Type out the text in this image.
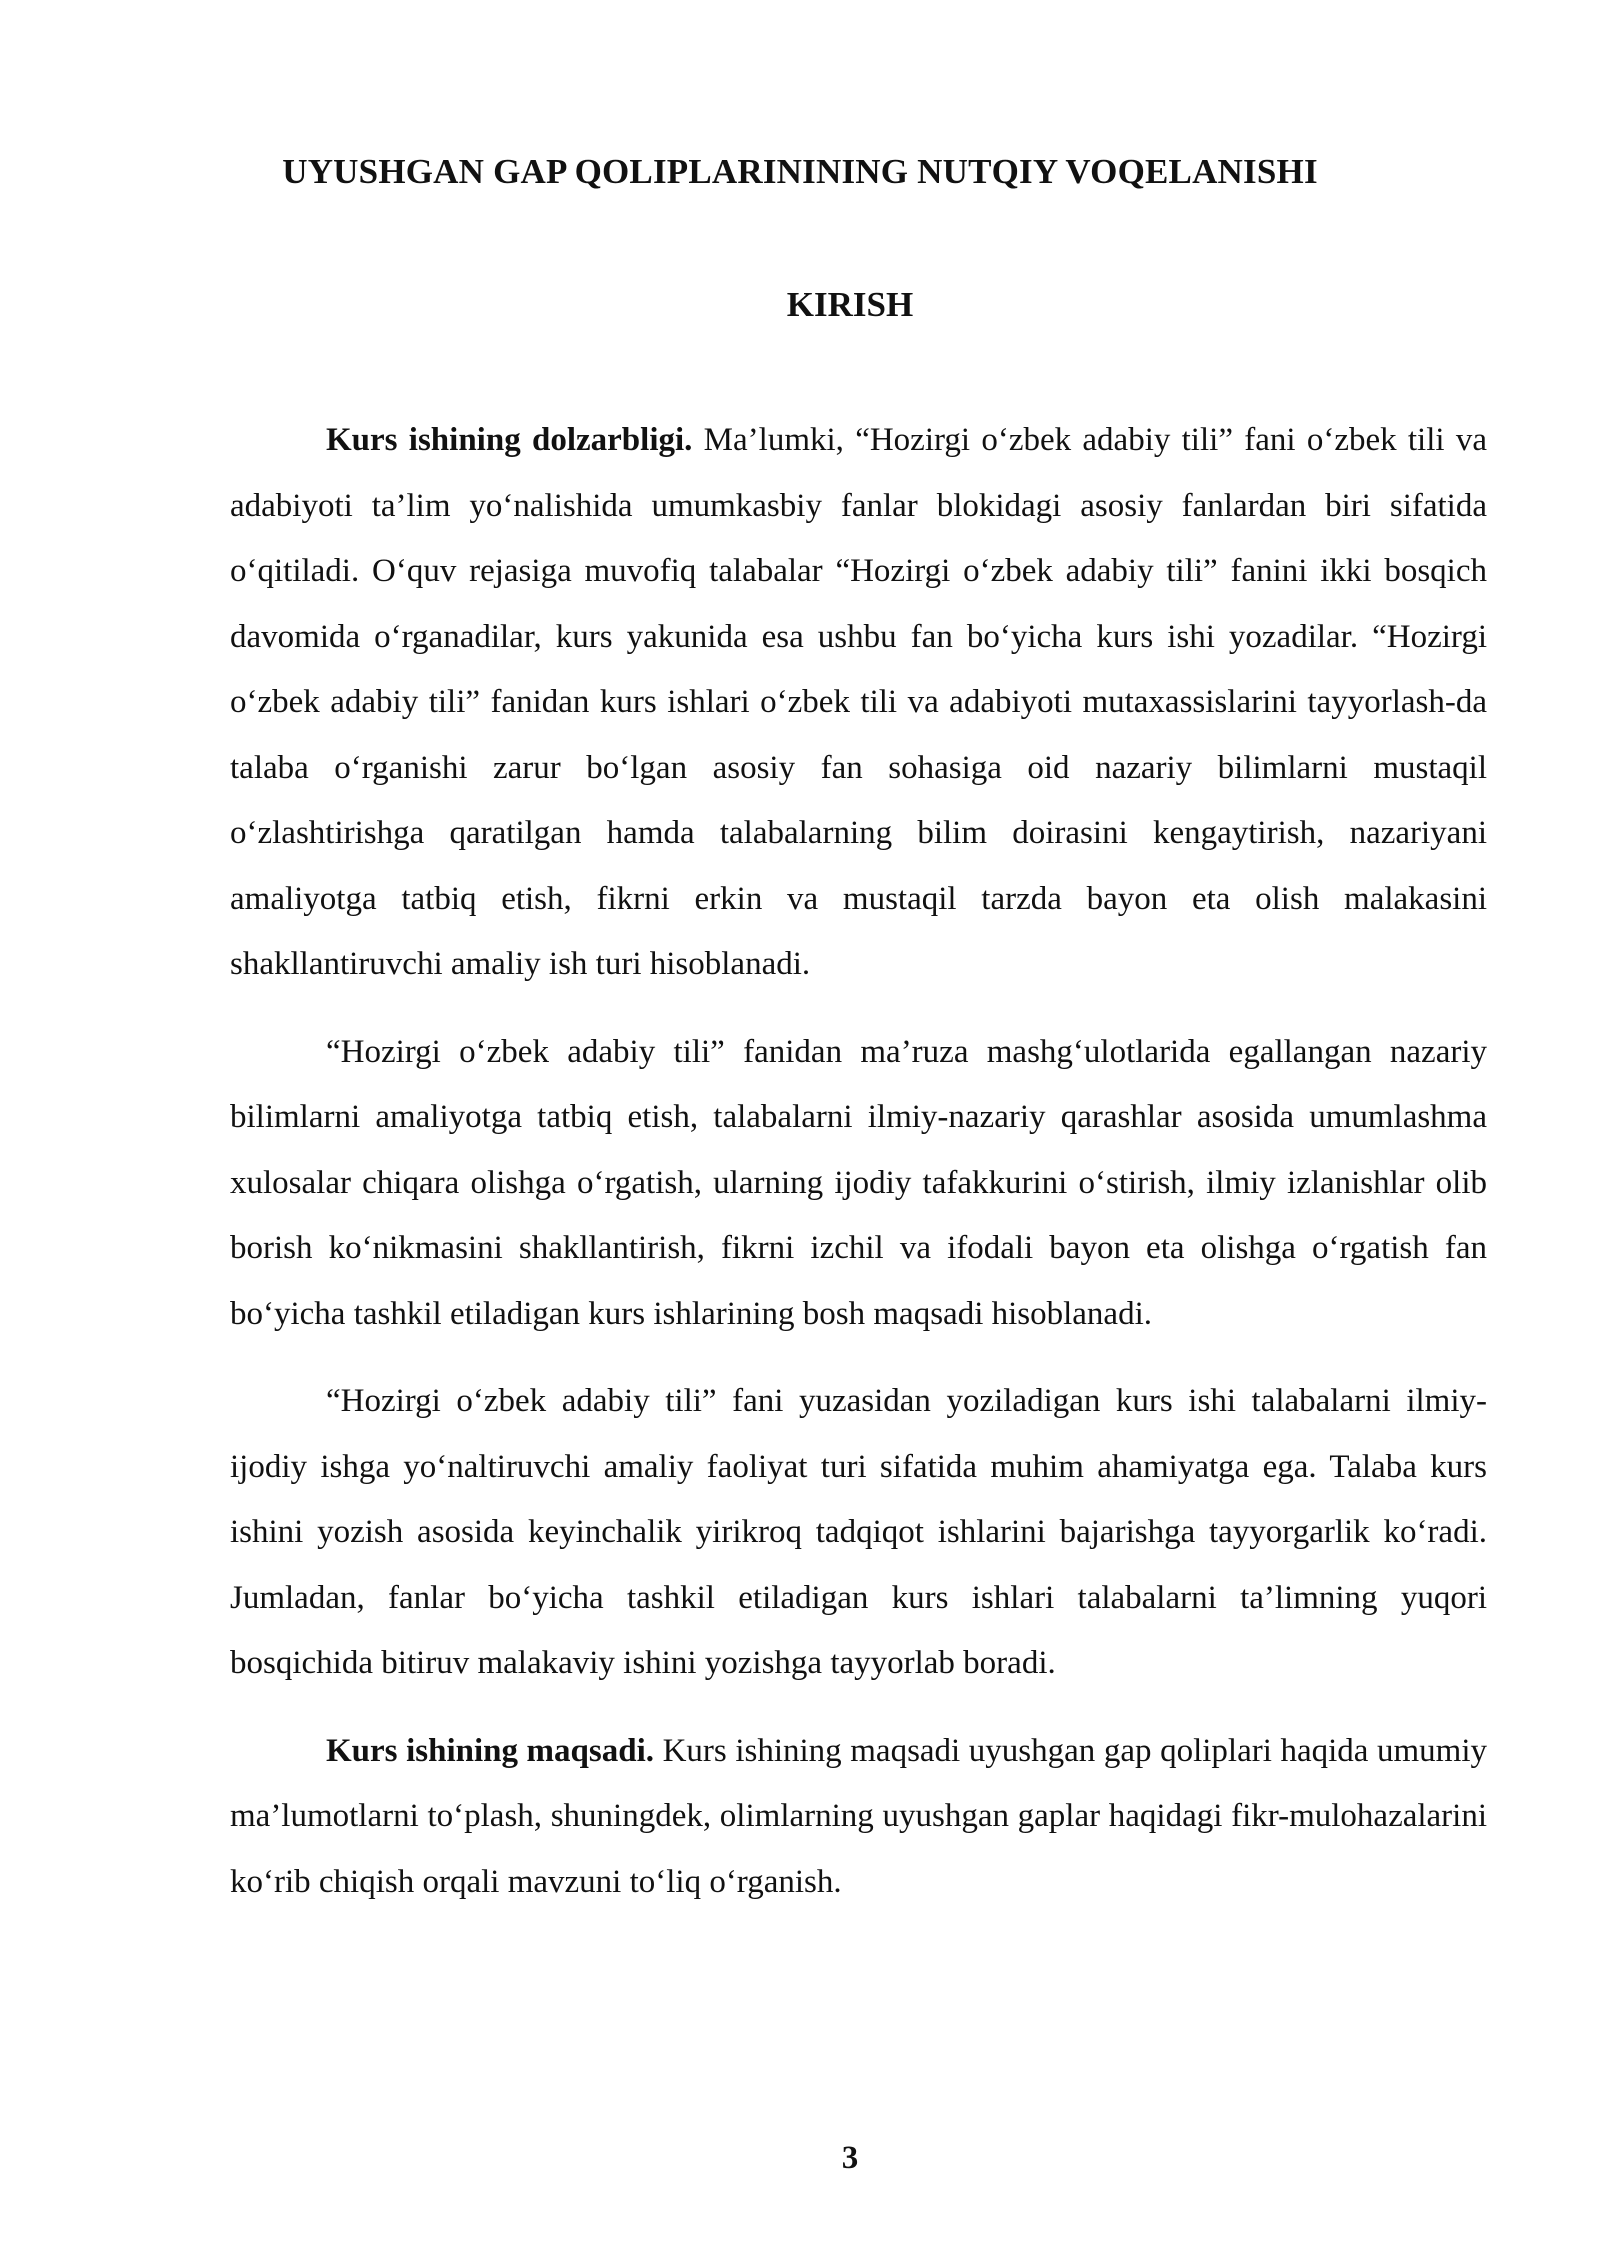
UYUSHGAN GAP QOLIPLARININING NUTQIY VOQELANISHI
KIRISH

Kurs ishining dolzarbligi. Ma’lumki, “Hozirgi o‘zbek adabiy tili” fani o‘zbek tili va adabiyoti ta’lim yo‘nalishida umumkasbiy fanlar blokidagi asosiy fanlardan biri sifatida o‘qitiladi. O‘quv rejasiga muvofiq talabalar “Hozirgi o‘zbek adabiy tili” fanini ikki bosqich davomida o‘rganadilar, kurs yakunida esa ushbu fan bo‘yicha kurs ishi yozadilar. “Hozirgi o‘zbek adabiy tili” fanidan kurs ishlari o‘zbek tili va adabiyoti mutaxassislarini tayyorlash-da talaba o‘rganishi zarur bo‘lgan asosiy fan sohasiga oid nazariy bilimlarni mustaqil o‘zlashtirishga qaratilgan hamda talabalarning bilim doirasini kengaytirish, nazariyani amaliyotga tatbiq etish, fikrni erkin va mustaqil tarzda bayon eta olish malakasini shakllantiruvchi amaliy ish turi hisoblanadi.

“Hozirgi o‘zbek adabiy tili” fanidan ma’ruza mashg‘ulotlarida egallangan nazariy bilimlarni amaliyotga tatbiq etish, talabalarni ilmiy-nazariy qarashlar asosida umumlashma xulosalar chiqara olishga o‘rgatish, ularning ijodiy tafakkurini o‘stirish, ilmiy izlanishlar olib borish ko‘nikmasini shakllantirish, fikrni izchil va ifodali bayon eta olishga o‘rgatish fan bo‘yicha tashkil etiladigan kurs ishlarining bosh maqsadi hisoblanadi.

“Hozirgi o‘zbek adabiy tili” fani yuzasidan yoziladigan kurs ishi talabalarni ilmiy-ijodiy ishga yo‘naltiruvchi amaliy faoliyat turi sifatida muhim ahamiyatga ega. Talaba kurs ishini yozish asosida keyinchalik yirikroq tadqiqot ishlarini bajarishga tayyorgarlik ko‘radi. Jumladan, fanlar bo‘yicha tashkil etiladigan kurs ishlari talabalarni ta’limning yuqori bosqichida bitiruv malakaviy ishini yozishga tayyorlab boradi.

Kurs ishining maqsadi. Kurs ishining maqsadi uyushgan gap qoliplari haqida umumiy ma’lumotlarni to‘plash, shuningdek, olimlarning uyushgan gaplar haqidagi fikr-mulohazalarini ko‘rib chiqish orqali mavzuni to‘liq o‘rganish.

3
